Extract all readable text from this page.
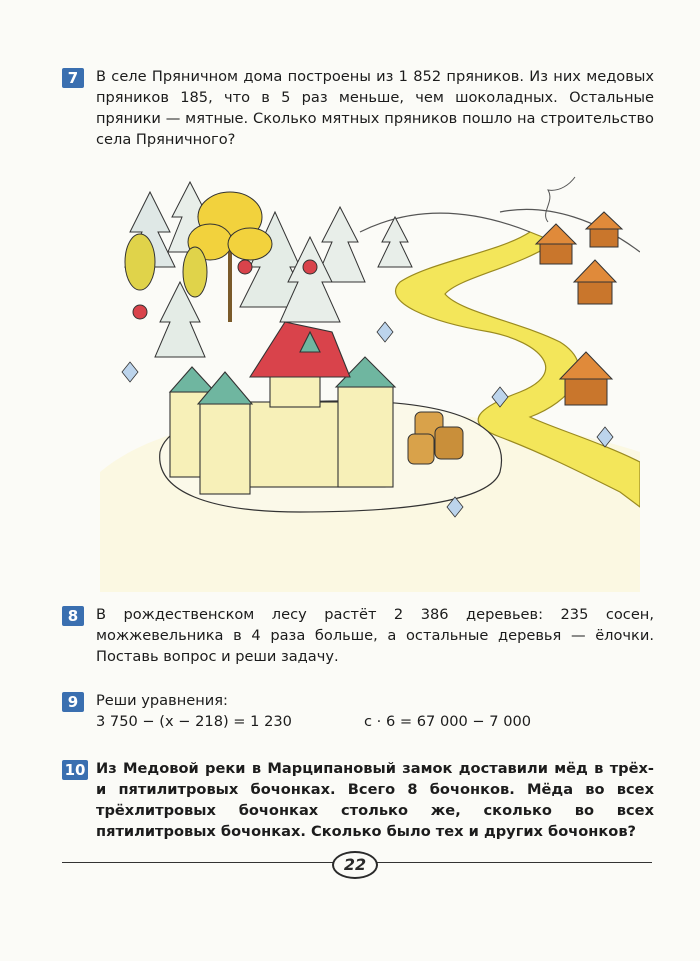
7	В селе Пряничном дома построены из 1 852 пряников. Из них медовых пряников 185, что в 5 раз меньше, чем шоколадных. Остальные пряники — мятные. Сколько мятных пряников пошло на строительство села Пряничного?
8	В рождественском лесу растёт 2 386 деревьев: 235 сосен, можжевельника в 4 раза больше, а остальные деревья — ёлочки. Поставь вопрос и реши задачу.
9	Реши уравнения:
3 750 − (x − 218) = 1 230	c · 6 = 67 000 − 7 000
10 Из Медовой реки в Марципановый замок доставили мёд в трёх- и пятилитровых бочонках. Всего 8 бочонков. Мёда во всех трёхлитровых бочонках столько же, сколько во всех пятилитровых бочонках. Сколько было тех и других бочонков?
22
